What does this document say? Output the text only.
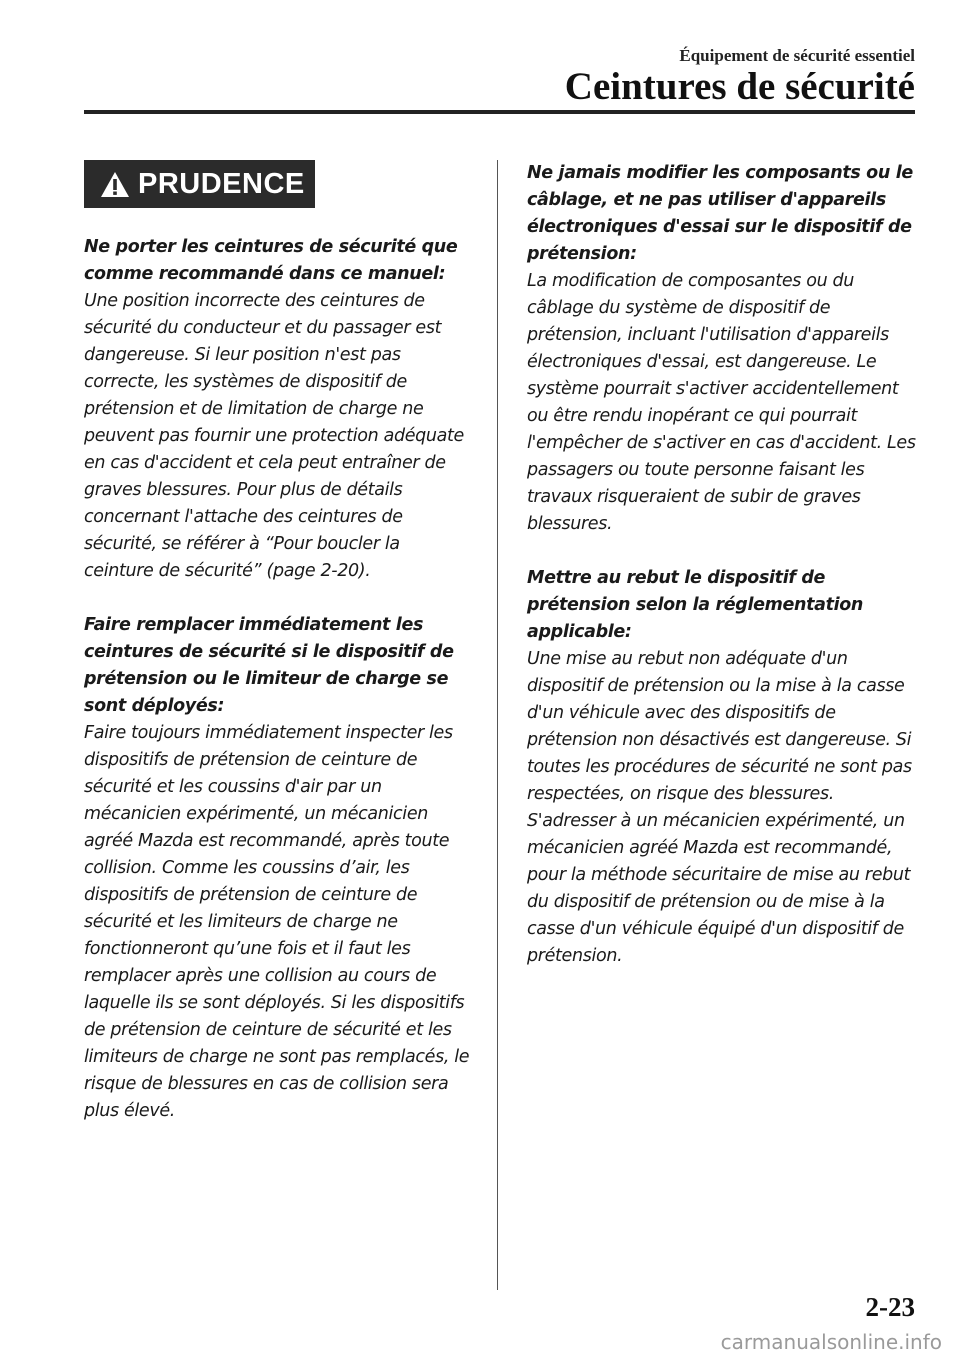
Équipement de sécurité essentiel
Ceintures de sécurité
PRUDENCE
Ne porter les ceintures de sécurité que comme recommandé dans ce manuel:
Une position incorrecte des ceintures de sécurité du conducteur et du passager est dangereuse. Si leur position n'est pas correcte, les systèmes de dispositif de prétension et de limitation de charge ne peuvent pas fournir une protection adéquate en cas d'accident et cela peut entraîner de graves blessures. Pour plus de détails concernant l'attache des ceintures de sécurité, se référer à “Pour boucler la ceinture de sécurité” (page 2-20).
Faire remplacer immédiatement les ceintures de sécurité si le dispositif de prétension ou le limiteur de charge se sont déployés:
Faire toujours immédiatement inspecter les dispositifs de prétension de ceinture de sécurité et les coussins d'air par un mécanicien expérimenté, un mécanicien agréé Mazda est recommandé, après toute collision. Comme les coussins d’air, les dispositifs de prétension de ceinture de sécurité et les limiteurs de charge ne fonctionneront qu’une fois et il faut les remplacer après une collision au cours de laquelle ils se sont déployés. Si les dispositifs de prétension de ceinture de sécurité et les limiteurs de charge ne sont pas remplacés, le risque de blessures en cas de collision sera plus élevé.
Ne jamais modifier les composants ou le câblage, et ne pas utiliser d'appareils électroniques d'essai sur le dispositif de prétension:
La modification de composantes ou du câblage du système de dispositif de prétension, incluant l'utilisation d'appareils électroniques d'essai, est dangereuse. Le système pourrait s'activer accidentellement ou être rendu inopérant ce qui pourrait l'empêcher de s'activer en cas d'accident. Les passagers ou toute personne faisant les travaux risqueraient de subir de graves blessures.
Mettre au rebut le dispositif de prétension selon la réglementation applicable:
Une mise au rebut non adéquate d'un dispositif de prétension ou la mise à la casse d'un véhicule avec des dispositifs de prétension non désactivés est dangereuse. Si toutes les procédures de sécurité ne sont pas respectées, on risque des blessures. S'adresser à un mécanicien expérimenté, un mécanicien agréé Mazda est recommandé, pour la méthode sécuritaire de mise au rebut du dispositif de prétension ou de mise à la casse d'un véhicule équipé d'un dispositif de prétension.
2-23
carmanualsonline.info
